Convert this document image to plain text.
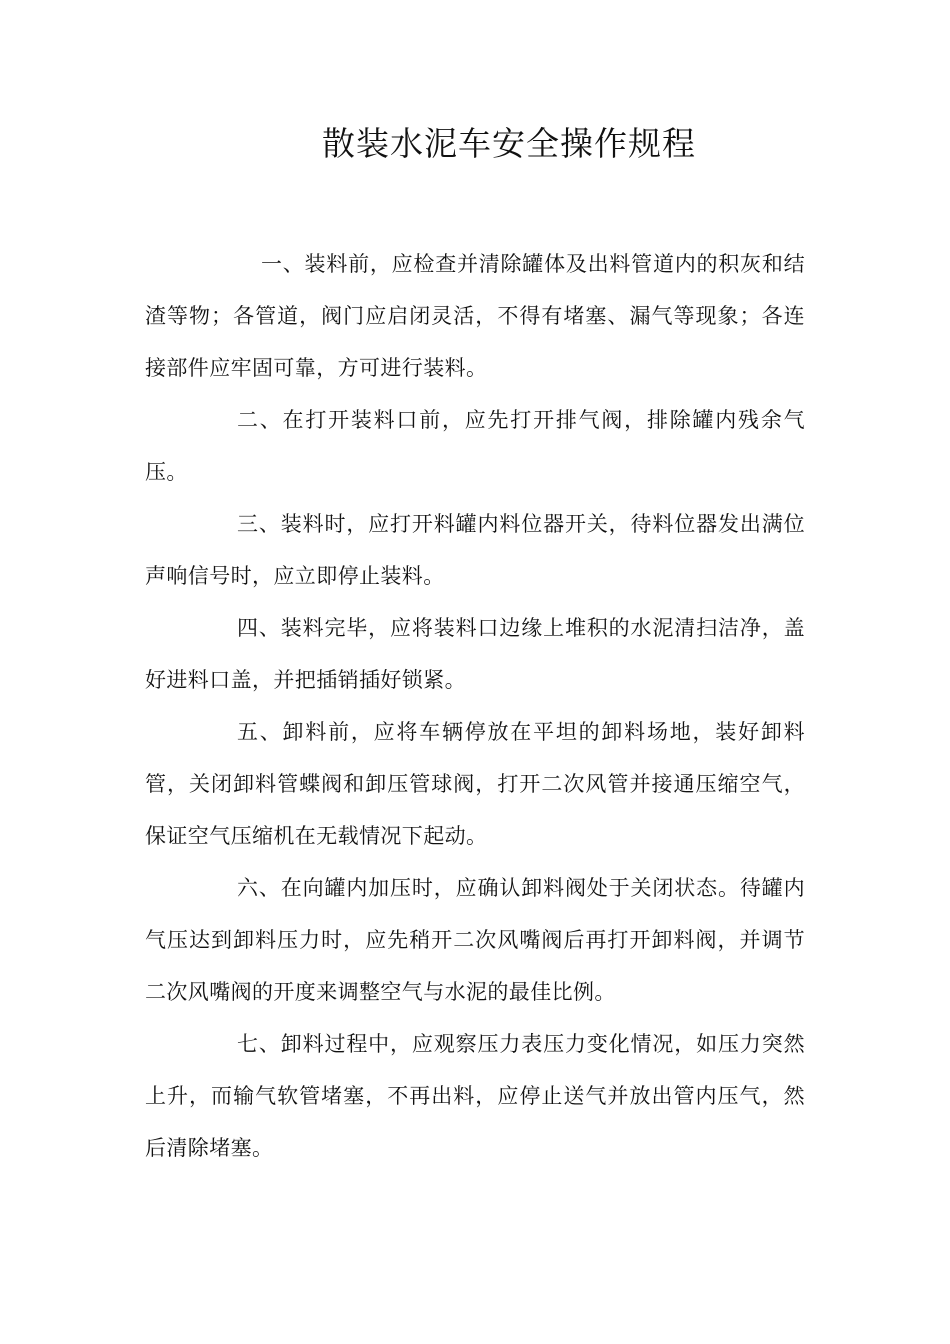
散装水泥车安全操作规程

一、装料前，应检查并清除罐体及出料管道内的积灰和结渣等物；各管道，阀门应启闭灵活，不得有堵塞、漏气等现象；各连接部件应牢固可靠，方可进行装料。

二、在打开装料口前，应先打开排气阀，排除罐内残余气压。

三、装料时，应打开料罐内料位器开关，待料位器发出满位声响信号时，应立即停止装料。

四、装料完毕，应将装料口边缘上堆积的水泥清扫洁净，盖好进料口盖，并把插销插好锁紧。

五、卸料前，应将车辆停放在平坦的卸料场地，装好卸料管，关闭卸料管蝶阀和卸压管球阀，打开二次风管并接通压缩空气，保证空气压缩机在无载情况下起动。

六、在向罐内加压时，应确认卸料阀处于关闭状态。待罐内气压达到卸料压力时，应先稍开二次风嘴阀后再打开卸料阀，并调节二次风嘴阀的开度来调整空气与水泥的最佳比例。

七、卸料过程中，应观察压力表压力变化情况，如压力突然上升，而输气软管堵塞，不再出料，应停止送气并放出管内压气，然后清除堵塞。
